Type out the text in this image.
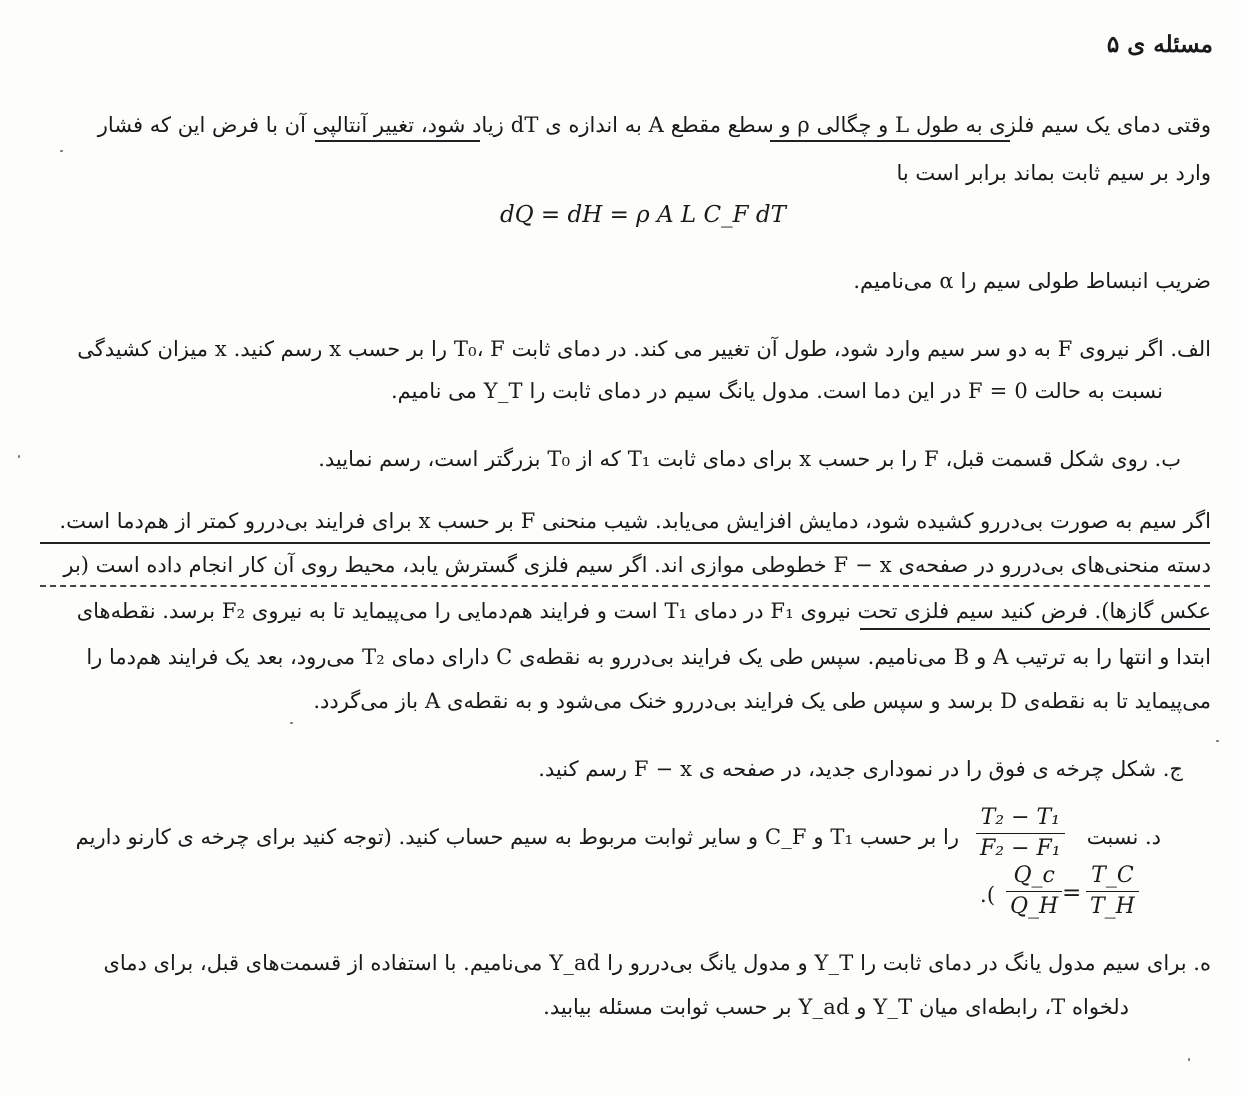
مسئله ی ۵
وقتی دمای یک سیم فلزی به طول L و چگالی ρ و سطع مقطع A به اندازه ی dT زیاد شود، تغییر آنتالپی آن با فرض این که فشار
وارد بر سیم ثابت بماند برابر است با
dQ = dH = ρ A L C_F dT
ضریب انبساط طولی سیم را α می‌نامیم.
الف. اگر نیروی F به دو سر سیم وارد شود، طول آن تغییر می کند. در دمای ثابت T₀، F را بر حسب x رسم کنید. x میزان کشیدگی
نسبت به حالت F = 0 در این دما است. مدول یانگ سیم در دمای ثابت را Y_T می نامیم.
ب. روی شکل قسمت قبل، F را بر حسب x برای دمای ثابت T₁ که از T₀ بزرگتر است، رسم نمایید.
اگر سیم به صورت بی‌دررو کشیده شود، دمایش افزایش می‌یابد. شیب منحنی F بر حسب x برای فرایند بی‌دررو کمتر از هم‌دما است.
دسته منحنی‌های بی‌دررو در صفحه‌ی F − x خطوطی موازی اند. اگر سیم فلزی گسترش یابد، محیط روی آن کار انجام داده است (بر
عکس گازها). فرض کنید سیم فلزی تحت نیروی F₁ در دمای T₁ است و فرایند هم‌دمایی را می‌پیماید تا به نیروی F₂ برسد. نقطه‌های
ابتدا و انتها را به ترتیب A و B می‌نامیم. سپس طی یک فرایند بی‌دررو به نقطه‌ی C دارای دمای T₂ می‌رود، بعد یک فرایند هم‌دما را
می‌پیماید تا به نقطه‌ی D برسد و سپس طی یک فرایند بی‌دررو خنک می‌شود و به نقطه‌ی A باز می‌گردد.
ج. شکل چرخه ی فوق را در نموداری جدید، در صفحه ی F − x رسم کنید.
د. نسبت
T₂ − T₁
F₂ − F₁
را بر حسب T₁ و C_F و سایر ثوابت مربوط به سیم حساب کنید. (توجه کنید برای چرخه ی کارنو داریم
.(
Q_c
Q_H
=
T_C
T_H
ه. برای سیم مدول یانگ در دمای ثابت را Y_T و مدول یانگ بی‌دررو را Y_ad می‌نامیم. با استفاده از قسمت‌های قبل، برای دمای
دلخواه T، رابطه‌ای میان Y_T و Y_ad بر حسب ثوابت مسئله بیابید.
